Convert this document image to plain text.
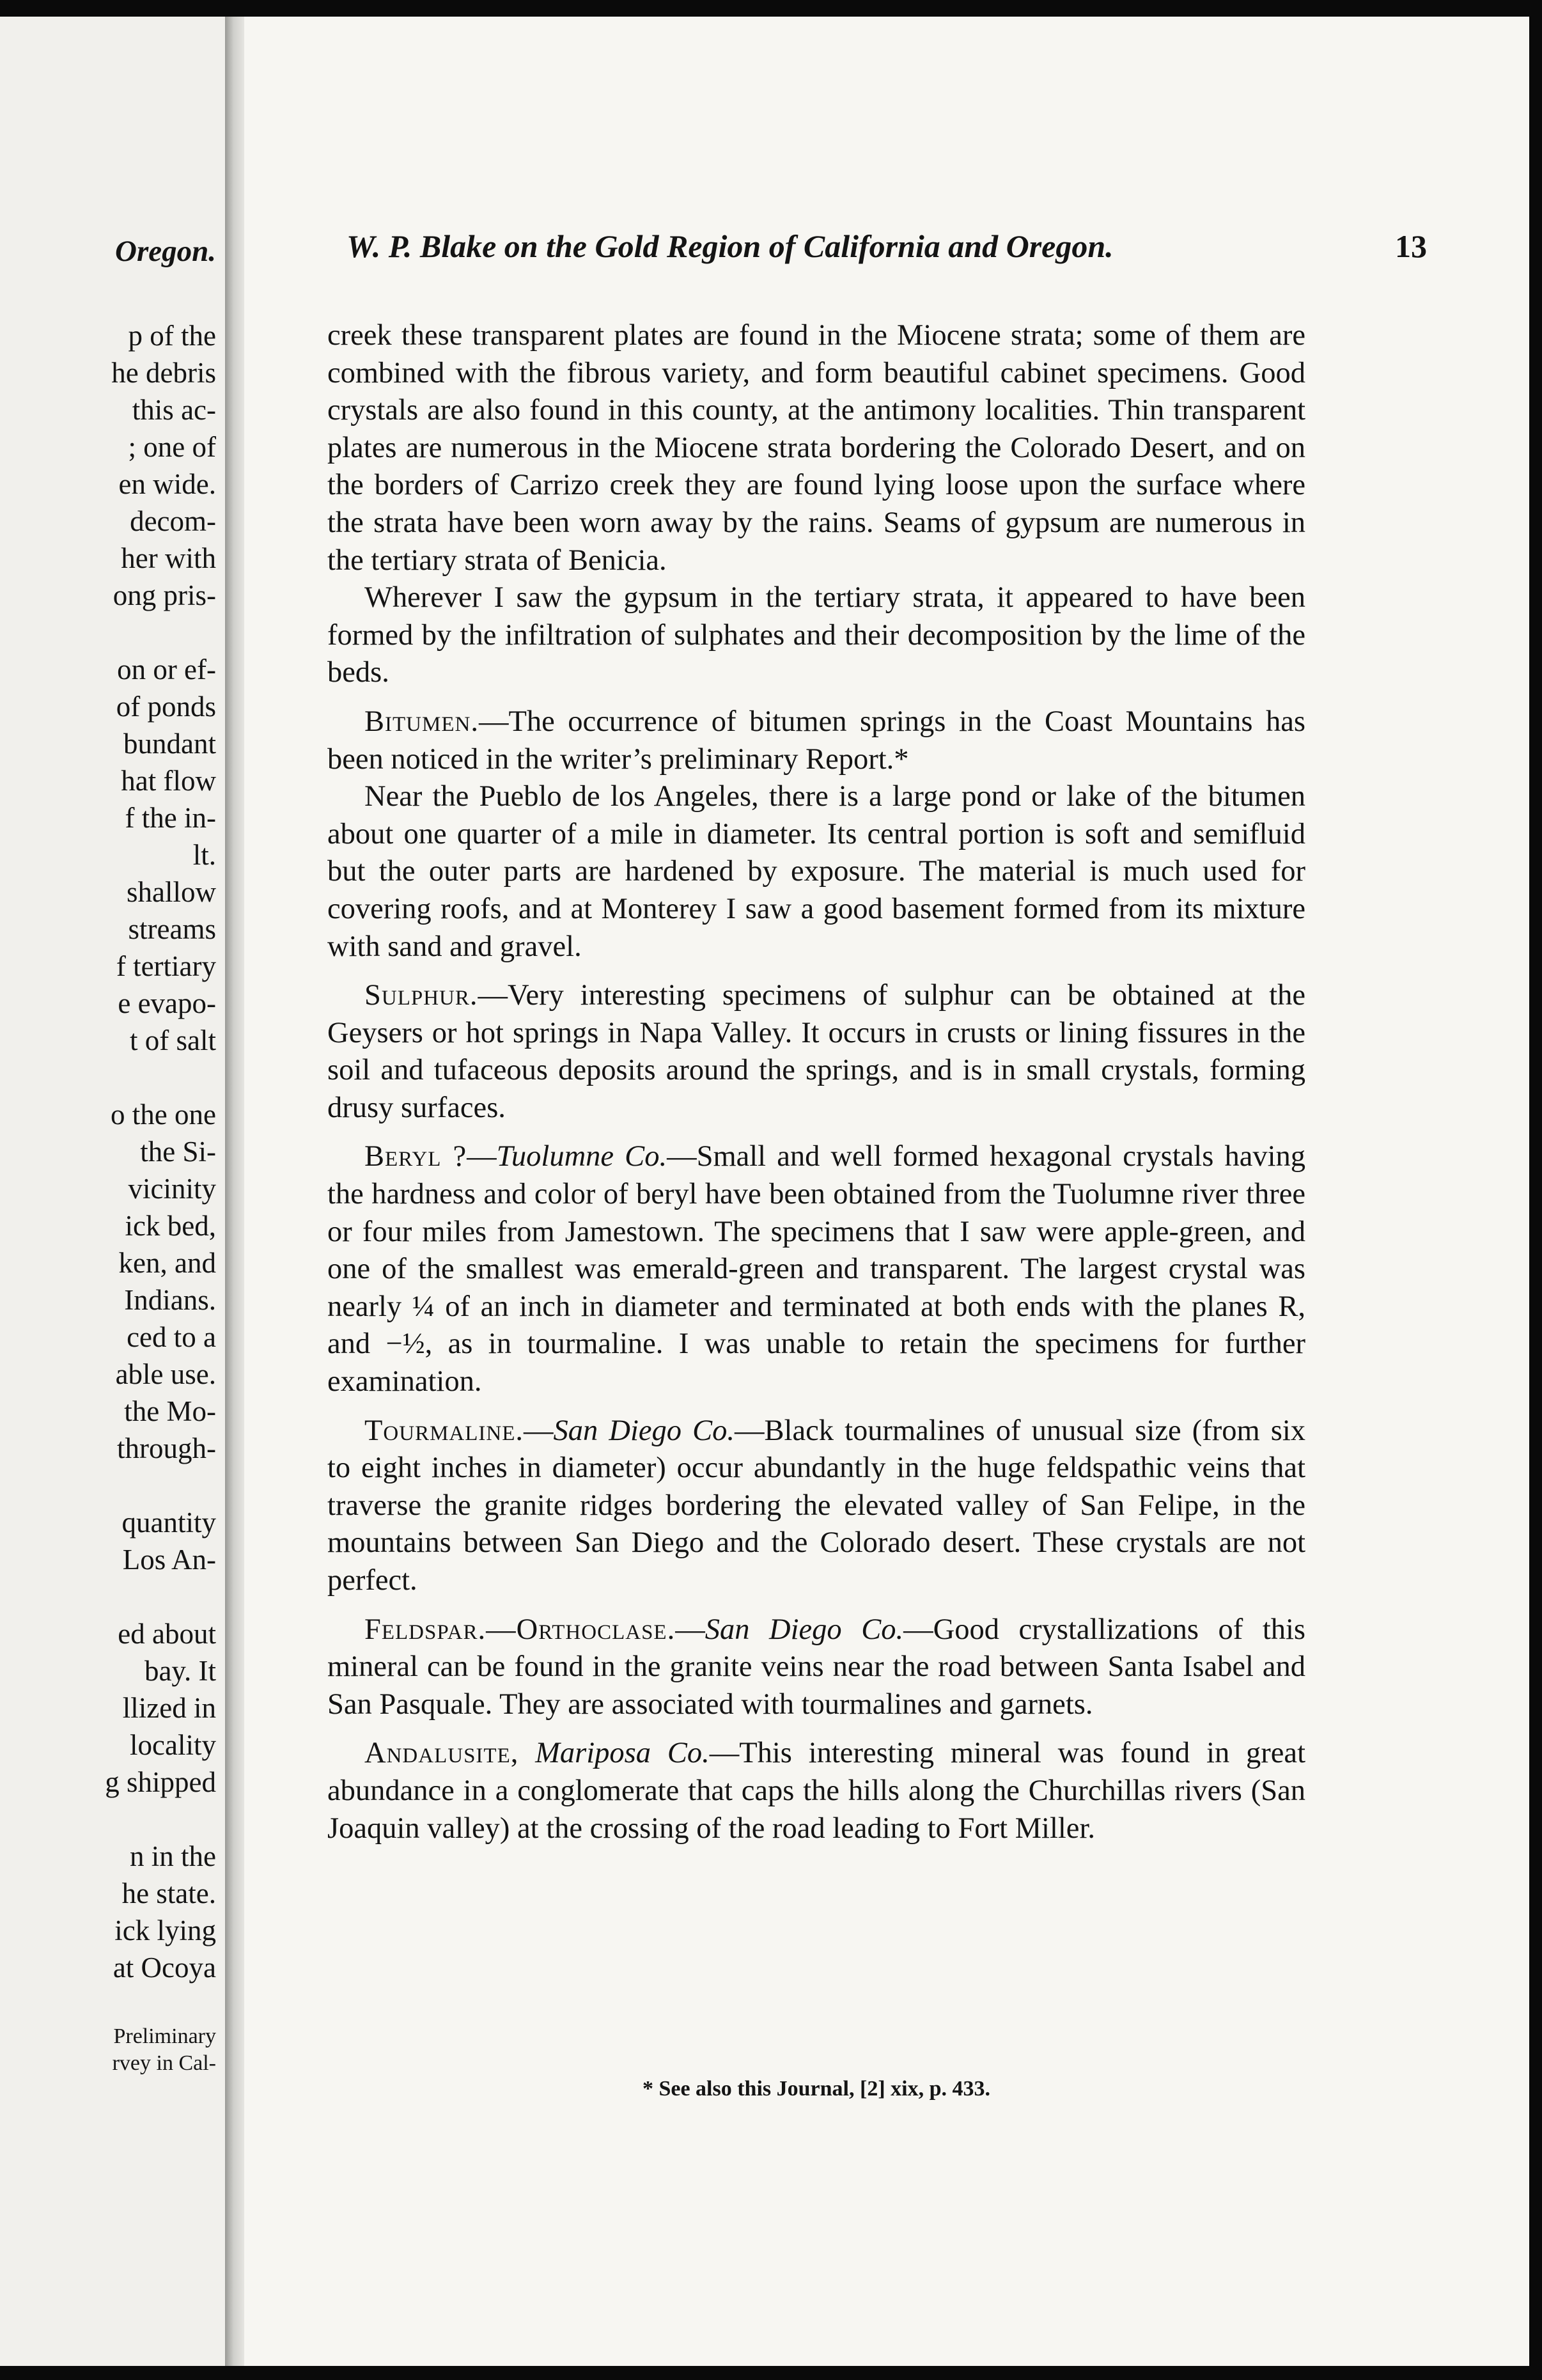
Oregon.
p of the
he debris
this ac-
; one of
en wide.
decom-
her with
ong pris-
on or ef-
of ponds
bundant
hat flow
f the in-
lt.
shallow
streams
f tertiary
e evapo-
t of salt
o the one
the Si-
vicinity
ick bed,
ken, and
Indians.
ced to a
able use.
the Mo-
through-
quantity
Los An-
ed about
bay. It
llized in
locality
g shipped
n in the
he state.
ick lying
at Ocoya
Preliminary
rvey in Cal-
W. P. Blake on the Gold Region of California and Oregon.	13

creek these transparent plates are found in the Miocene strata; some of them are combined with the fibrous variety, and form beautiful cabinet specimens. Good crystals are also found in this county, at the antimony localities. Thin transparent plates are numerous in the Miocene strata bordering the Colorado Desert, and on the borders of Carrizo creek they are found lying loose upon the surface where the strata have been worn away by the rains. Seams of gypsum are numerous in the tertiary strata of Benicia.

Wherever I saw the gypsum in the tertiary strata, it appeared to have been formed by the infiltration of sulphates and their decomposition by the lime of the beds.

Bitumen.—The occurrence of bitumen springs in the Coast Mountains has been noticed in the writer’s preliminary Report.*

Near the Pueblo de los Angeles, there is a large pond or lake of the bitumen about one quarter of a mile in diameter. Its central portion is soft and semifluid but the outer parts are hardened by exposure. The material is much used for covering roofs, and at Monterey I saw a good basement formed from its mixture with sand and gravel.

Sulphur.—Very interesting specimens of sulphur can be obtained at the Geysers or hot springs in Napa Valley. It occurs in crusts or lining fissures in the soil and tufaceous deposits around the springs, and is in small crystals, forming drusy surfaces.

Beryl ?—Tuolumne Co.—Small and well formed hexagonal crystals having the hardness and color of beryl have been obtained from the Tuolumne river three or four miles from Jamestown. The specimens that I saw were apple-green, and one of the smallest was emerald-green and transparent. The largest crystal was nearly ¼ of an inch in diameter and terminated at both ends with the planes R, and −½, as in tourmaline. I was unable to retain the specimens for further examination.

Tourmaline.—San Diego Co.—Black tourmalines of unusual size (from six to eight inches in diameter) occur abundantly in the huge feldspathic veins that traverse the granite ridges bordering the elevated valley of San Felipe, in the mountains between San Diego and the Colorado desert. These crystals are not perfect.

Feldspar.—Orthoclase.—San Diego Co.—Good crystallizations of this mineral can be found in the granite veins near the road between Santa Isabel and San Pasquale. They are associated with tourmalines and garnets.

Andalusite, Mariposa Co.—This interesting mineral was found in great abundance in a conglomerate that caps the hills along the Churchillas rivers (San Joaquin valley) at the crossing of the road leading to Fort Miller.

* See also this Journal, [2] xix, p. 433.
